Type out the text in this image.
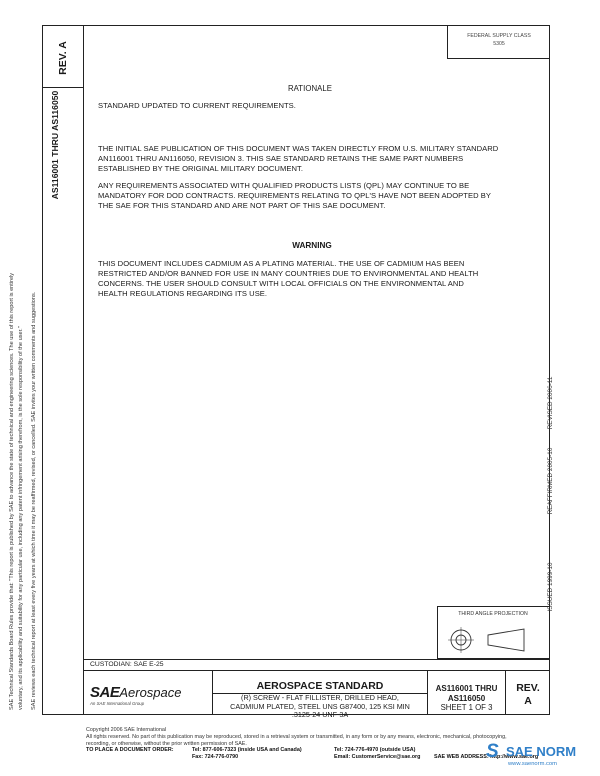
REV. A
AS116001 THRU AS116050
FEDERAL SUPPLY CLASS
5305
RATIONALE
STANDARD UPDATED TO CURRENT REQUIREMENTS.
THE INITIAL SAE PUBLICATION OF THIS DOCUMENT WAS TAKEN DIRECTLY FROM U.S. MILITARY STANDARD
AN116001 THRU AN116050, REVISION 3. THIS SAE STANDARD RETAINS THE SAME PART NUMBERS
ESTABLISHED BY THE ORIGINAL MILITARY DOCUMENT.
ANY REQUIREMENTS ASSOCIATED WITH QUALIFIED PRODUCTS LISTS (QPL) MAY CONTINUE TO BE
MANDATORY FOR DOD CONTRACTS. REQUIREMENTS RELATING TO QPL'S HAVE NOT BEEN ADOPTED BY
THE SAE FOR THIS STANDARD AND ARE NOT PART OF THIS SAE DOCUMENT.
WARNING
THIS DOCUMENT INCLUDES CADMIUM AS A PLATING MATERIAL. THE USE OF CADMIUM HAS BEEN
RESTRICTED AND/OR BANNED FOR USE IN MANY COUNTRIES DUE TO ENVIRONMENTAL AND HEALTH
CONCERNS. THE USER SHOULD CONSULT WITH LOCAL OFFICIALS ON THE ENVIRONMENTAL AND
HEALTH REGULATIONS REGARDING ITS USE.
SAE Technical Standards Board Rules provide that: "This report is published by SAE to advance the state of technical and engineering sciences. The use of this report is entirely voluntary, and its applicability and suitability for any particular use, including any patent infringement arising therefrom, is the sole responsibility of the user." SAE reviews each technical report at least every five years at which time it may be reaffirmed, revised, or cancelled. SAE invites your written comments and suggestions.	ISSUED 1999-10
REAFFIRMED 2005-10
REVISED 2006-11
THIRD ANGLE PROJECTION
CUSTODIAN: SAE E-25
SAEAerospace
An SAE International Group
AEROSPACE STANDARD
(R) SCREW - FLAT FILLISTER, DRILLED HEAD,
CADMIUM PLATED, STEEL UNS G87400, 125 KSI MIN
.3125-24 UNF-3A
AS116001 THRU
AS116050
SHEET 1 OF 3
REV.
A
Copyright 2006 SAE International
All rights reserved. No part of this publication may be reproduced, stored in a retrieval system or transmitted, in any form or by any means, electronic, mechanical, photocopying,
recording, or otherwise, without the prior written permission of SAE.
TO PLACE A DOCUMENT ORDER:	Tel: 877-606-7323 (inside USA and Canada)	Tel: 724-776-4970 (outside USA)
Fax: 724-776-0790	Email: CustomerService@sae.org	SAE WEB ADDRESS: http://www.sae.org
S SAE NORM
www.saenorm.com
